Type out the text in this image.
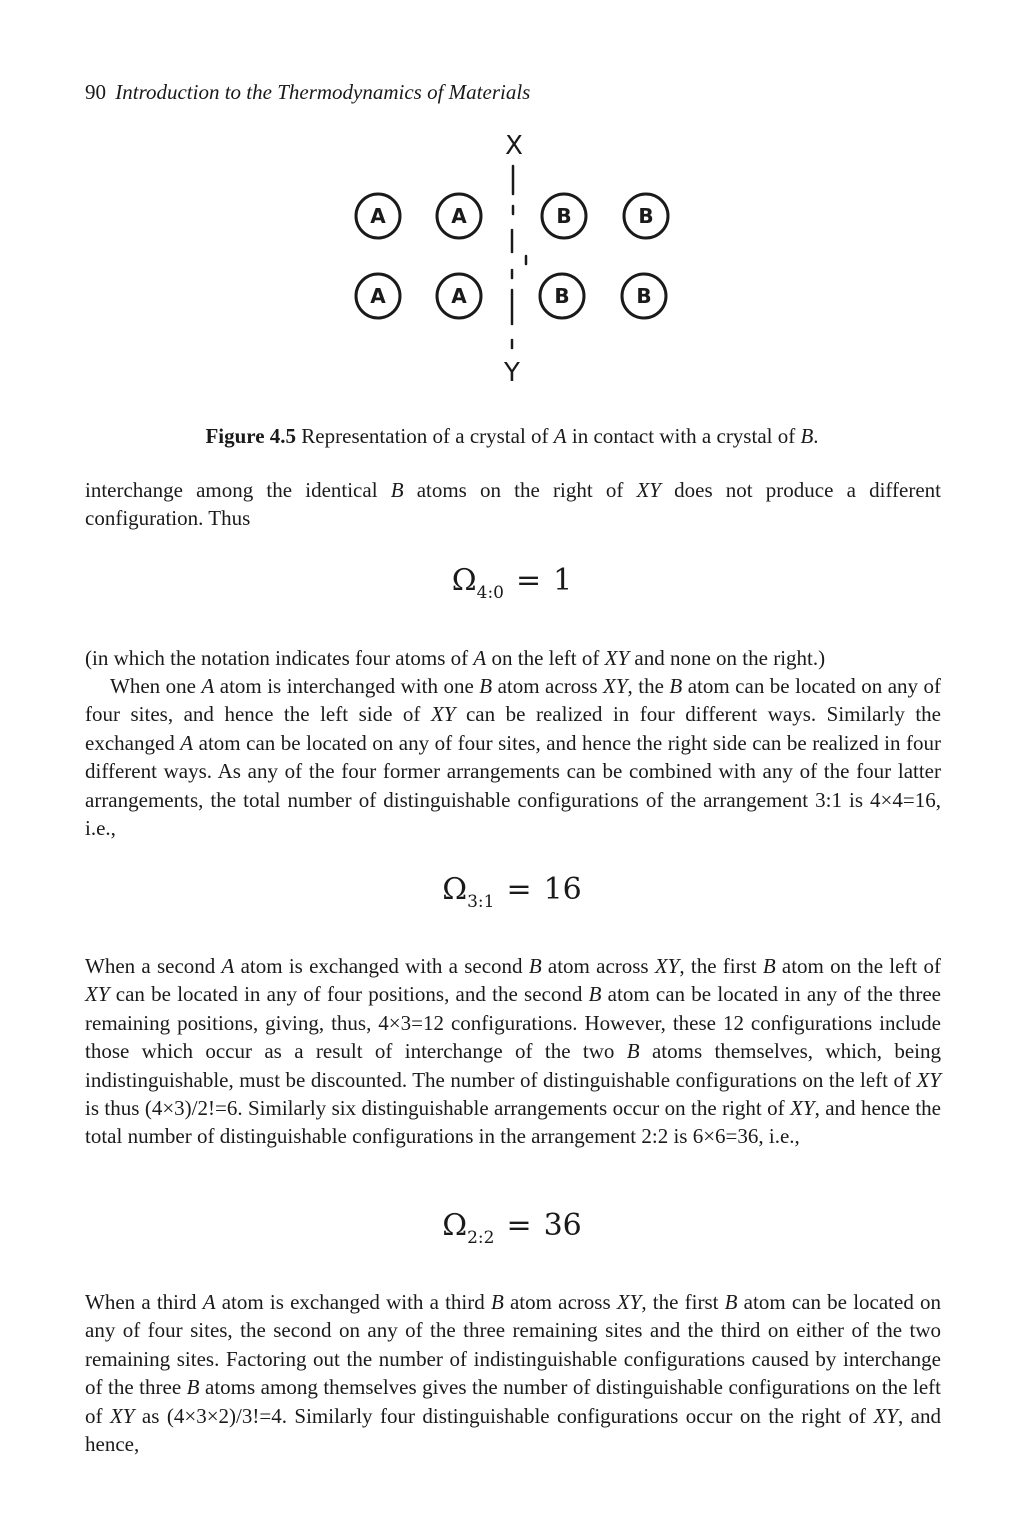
90 Introduction to the Thermodynamics of Materials
X
Y
A	A
A	A
B	B
B	B
Figure 4.5 Representation of a crystal of A in contact with a crystal of B.

interchange among the identical B atoms on the right of XY does not produce a different configuration. Thus

$\Omega_{4:0} = 1$

(in which the notation indicates four atoms of A on the left of XY and none on the right.)

When one A atom is interchanged with one B atom across XY, the B atom can be located on any of four sites, and hence the left side of XY can be realized in four different ways. Similarly the exchanged A atom can be located on any of four sites, and hence the right side can be realized in four different ways. As any of the four former arrangements can be combined with any of the four latter arrangements, the total number of distinguishable configurations of the arrangement 3:1 is 4×4=16, i.e.,

$\Omega_{3:1} = 16$

When a second A atom is exchanged with a second B atom across XY, the first B atom on the left of XY can be located in any of four positions, and the second B atom can be located in any of the three remaining positions, giving, thus, 4×3=12 configurations. However, these 12 configurations include those which occur as a result of interchange of the two B atoms themselves, which, being indistinguishable, must be discounted. The number of distinguishable configurations on the left of XY is thus (4×3)/2!=6. Similarly six distinguishable arrangements occur on the right of XY, and hence the total number of distinguishable configurations in the arrangement 2:2 is 6×6=36, i.e.,

$\Omega_{2:2} = 36$

When a third A atom is exchanged with a third B atom across XY, the first B atom can be located on any of four sites, the second on any of the three remaining sites and the third on either of the two remaining sites. Factoring out the number of indistinguishable configurations caused by interchange of the three B atoms among themselves gives the number of distinguishable configurations on the left of XY as (4×3×2)/3!=4. Similarly four distinguishable configurations occur on the right of XY, and hence,
